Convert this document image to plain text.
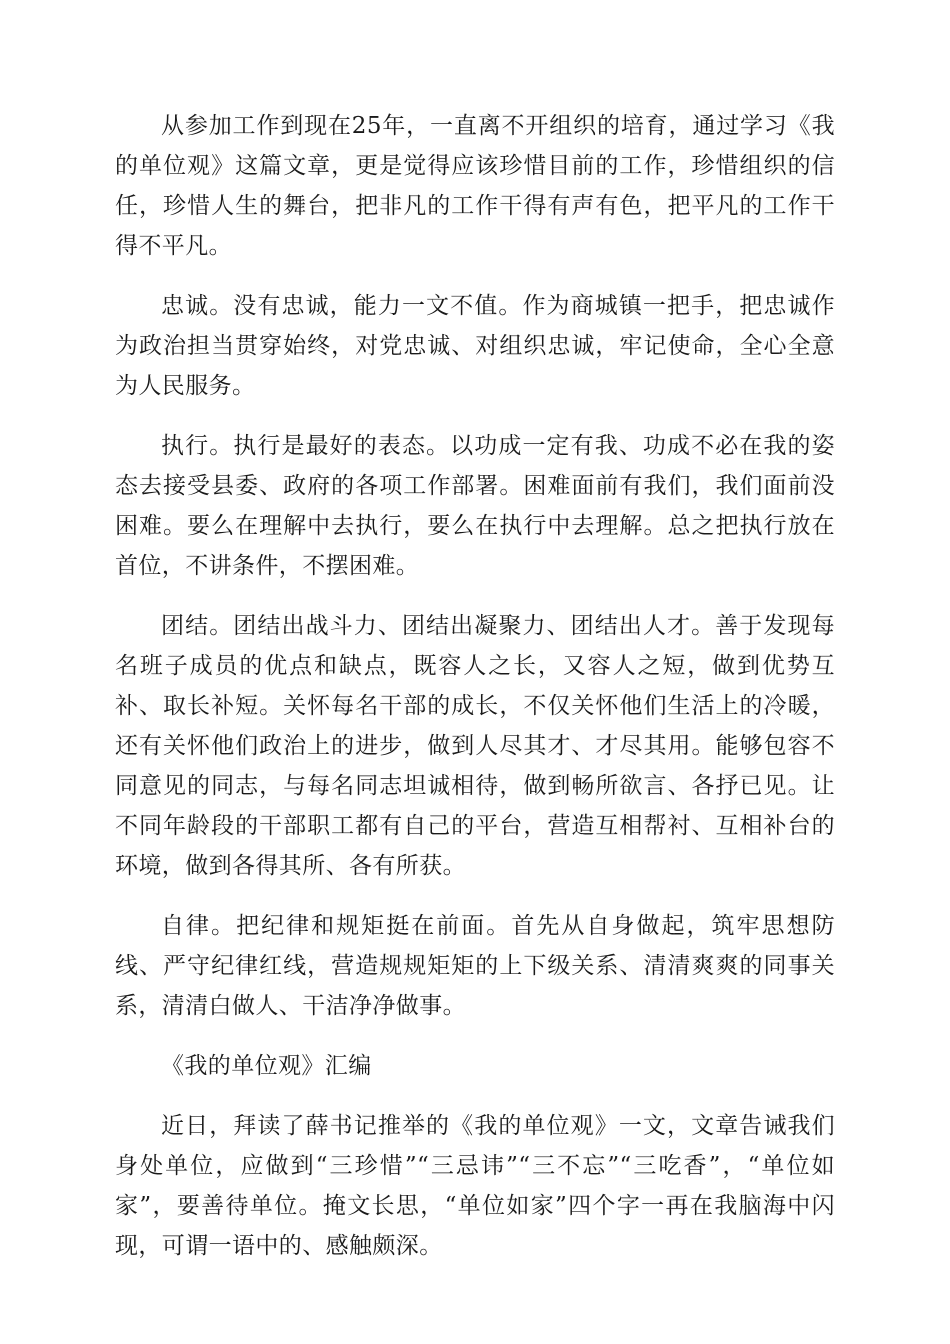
从参加工作到现在25年，一直离不开组织的培育，通过学习《我的单位观》这篇文章，更是觉得应该珍惜目前的工作，珍惜组织的信任，珍惜人生的舞台，把非凡的工作干得有声有色，把平凡的工作干得不平凡。

忠诚。没有忠诚，能力一文不值。作为商城镇一把手，把忠诚作为政治担当贯穿始终，对党忠诚、对组织忠诚，牢记使命，全心全意为人民服务。

执行。执行是最好的表态。以功成一定有我、功成不必在我的姿态去接受县委、政府的各项工作部署。困难面前有我们，我们面前没困难。要么在理解中去执行，要么在执行中去理解。总之把执行放在首位，不讲条件，不摆困难。

团结。团结出战斗力、团结出凝聚力、团结出人才。善于发现每名班子成员的优点和缺点，既容人之长，又容人之短，做到优势互补、取长补短。关怀每名干部的成长，不仅关怀他们生活上的冷暖，还有关怀他们政治上的进步，做到人尽其才、才尽其用。能够包容不同意见的同志，与每名同志坦诚相待，做到畅所欲言、各抒已见。让不同年龄段的干部职工都有自己的平台，营造互相帮衬、互相补台的环境，做到各得其所、各有所获。

自律。把纪律和规矩挺在前面。首先从自身做起，筑牢思想防线、严守纪律红线，营造规规矩矩的上下级关系、清清爽爽的同事关系，清清白做人、干洁净净做事。

《我的单位观》汇编

近日，拜读了薛书记推举的《我的单位观》一文，文章告诫我们身处单位，应做到“三珍惜”“三忌讳”“三不忘”“三吃香”，“单位如家”，要善待单位。掩文长思，“单位如家”四个字一再在我脑海中闪现，可谓一语中的、感触颇深。
